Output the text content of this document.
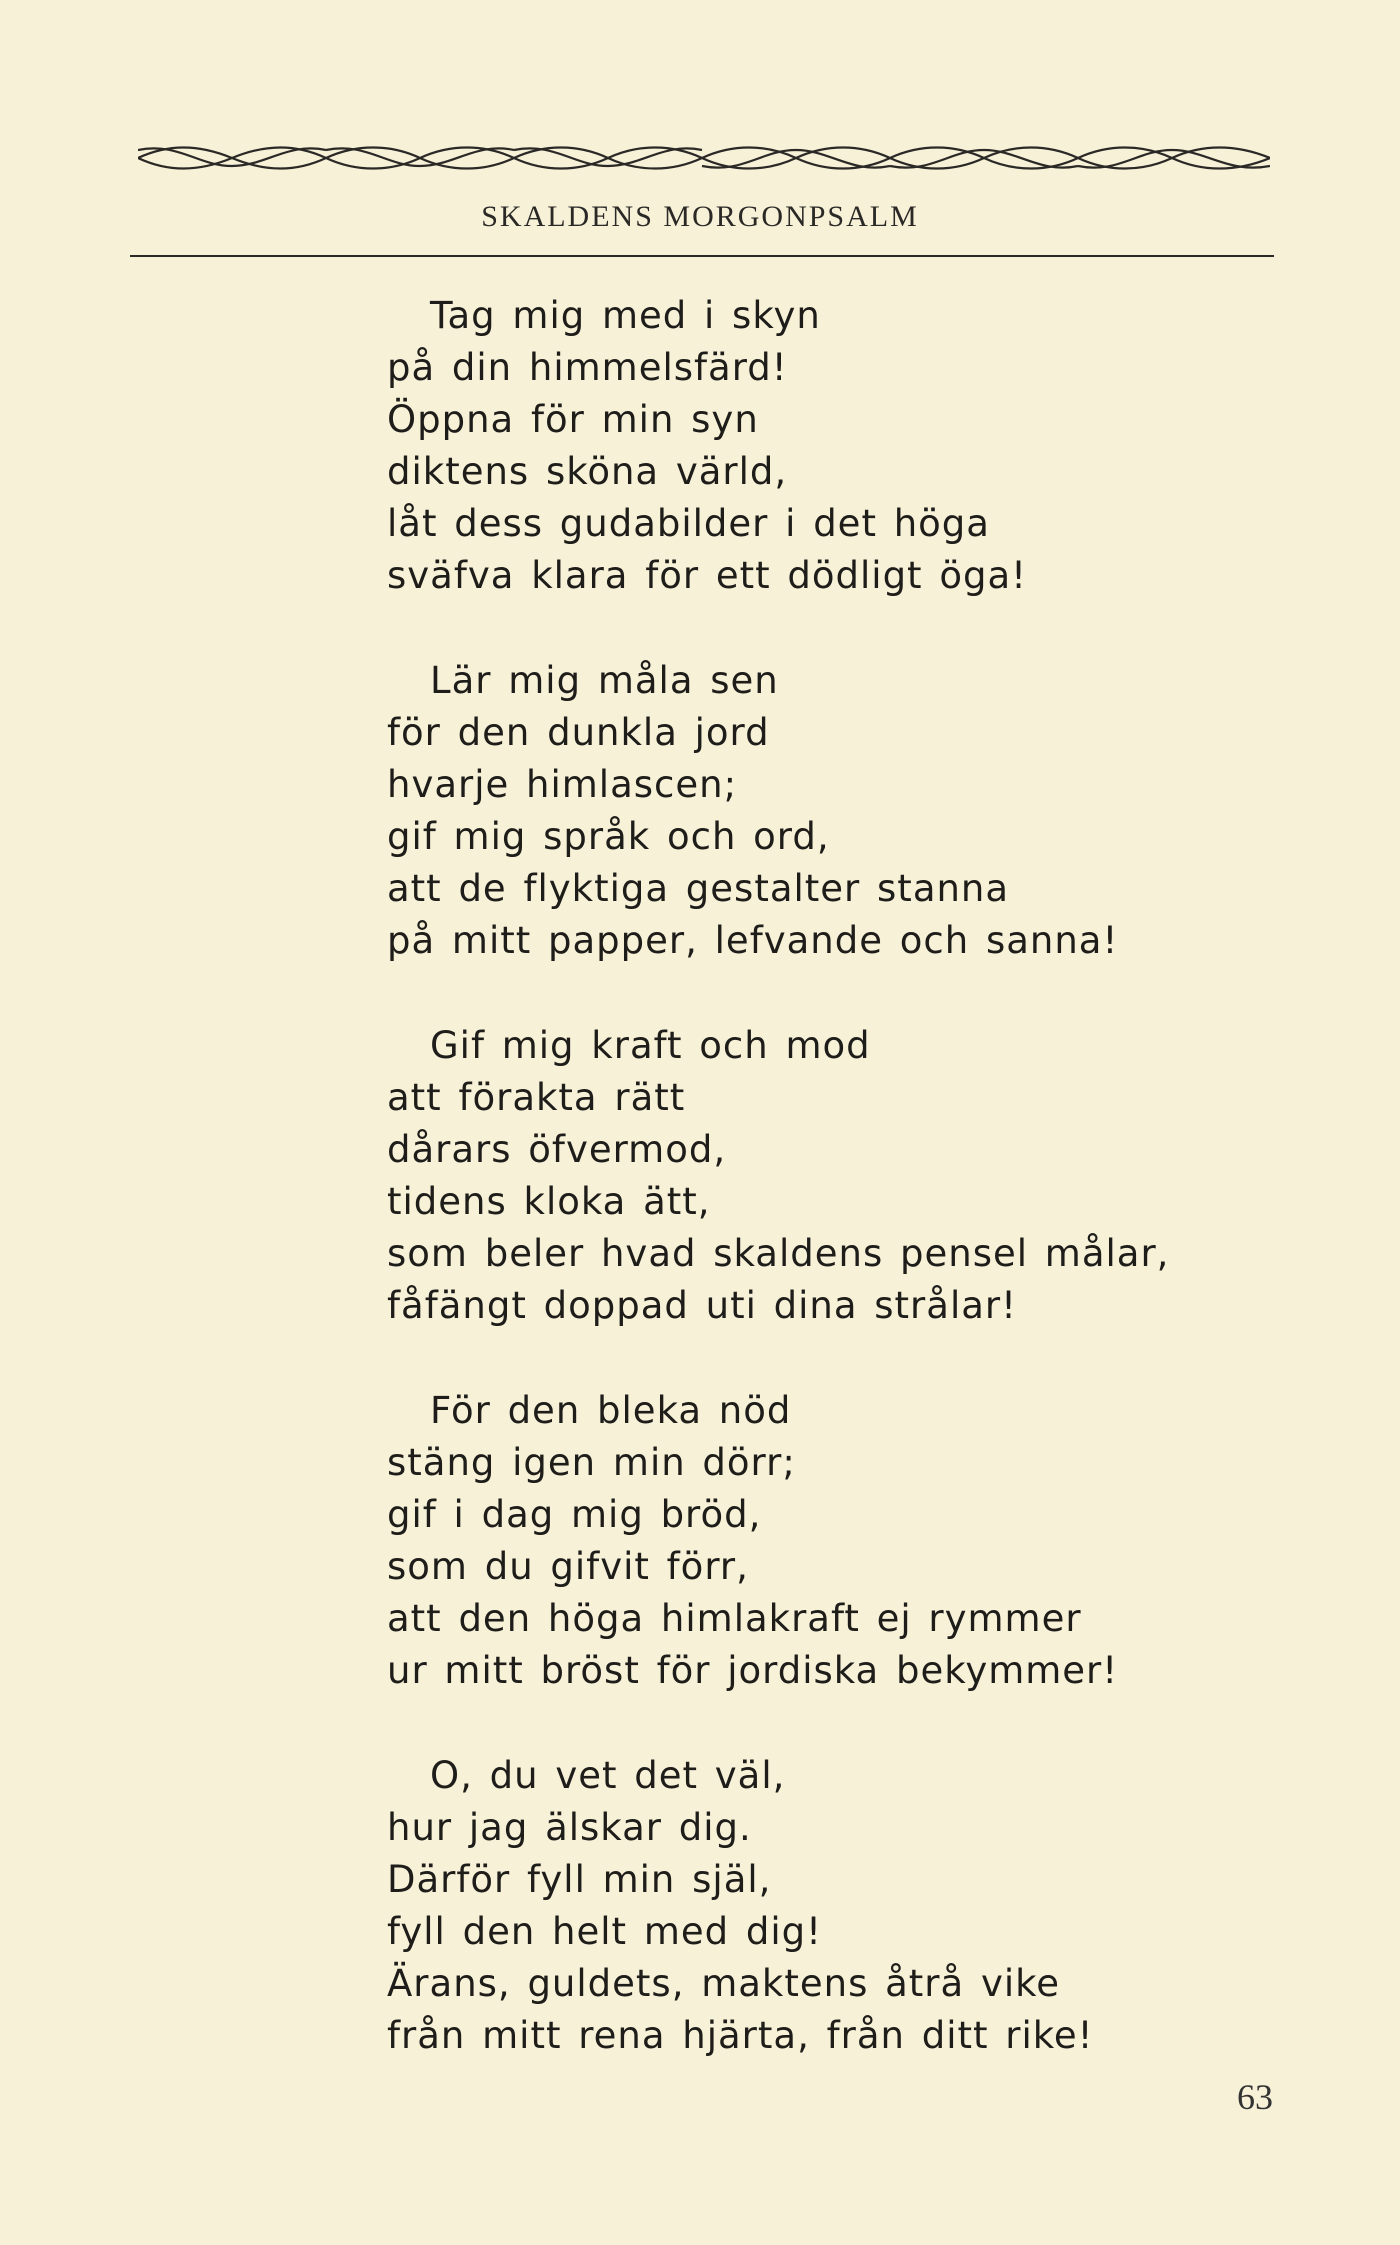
SKALDENS MORGONPSALM
Tag mig med i skyn
på din himmelsfärd!
Öppna för min syn
diktens sköna värld,
låt dess gudabilder i det höga
sväfva klara för ett dödligt öga!
Lär mig måla sen
för den dunkla jord
hvarje himlascen;
gif mig språk och ord,
att de flyktiga gestalter stanna
på mitt papper, lefvande och sanna!
Gif mig kraft och mod
att förakta rätt
dårars öfvermod,
tidens kloka ätt,
som beler hvad skaldens pensel målar,
fåfängt doppad uti dina strålar!
För den bleka nöd
stäng igen min dörr;
gif i dag mig bröd,
som du gifvit förr,
att den höga himlakraft ej rymmer
ur mitt bröst för jordiska bekymmer!
O, du vet det väl,
hur jag älskar dig.
Därför fyll min själ,
fyll den helt med dig!
Ärans, guldets, maktens åtrå vike
från mitt rena hjärta, från ditt rike!
63
